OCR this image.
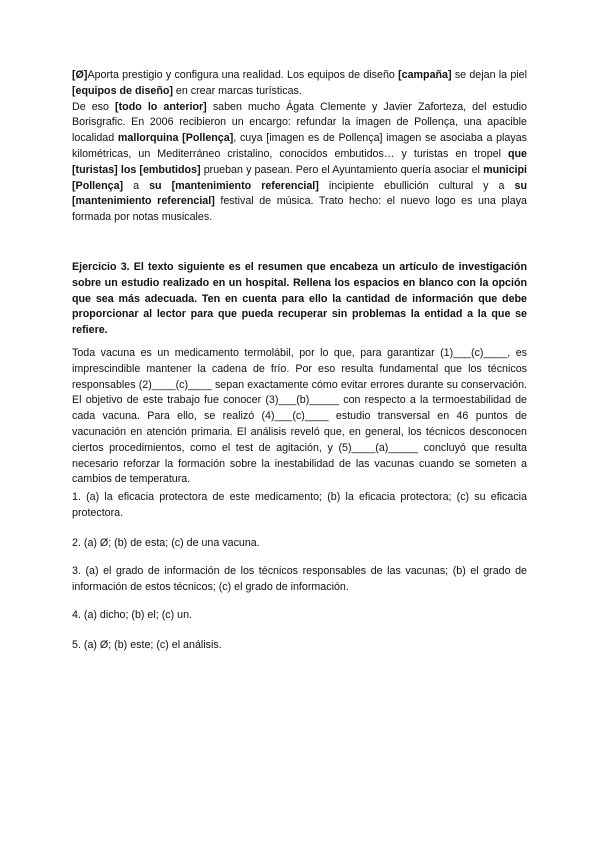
[Ø]Aporta prestigio y configura una realidad. Los equipos de diseño [campaña] se dejan la piel [equipos de diseño] en crear marcas turísticas.

De eso [todo lo anterior] saben mucho Ágata Clemente y Javier Zaforteza, del estudio Borisgrafic. En 2006 recibieron un encargo: refundar la imagen de Pollença, una apacible localidad mallorquina [Pollença], cuya [imagen es de Pollença] imagen se asociaba a playas kilométricas, un Mediterráneo cristalino, conocidos embutidos… y turistas en tropel que [turistas] los [embutidos] prueban y pasean. Pero el Ayuntamiento quería asociar el municipi [Pollença] a su [mantenimiento referencial] incipiente ebullición cultural y a su [mantenimiento referencial] festival de música. Trato hecho: el nuevo logo es una playa formada por notas musicales.

Ejercicio 3. El texto siguiente es el resumen que encabeza un artículo de investigación sobre un estudio realizado en un hospital. Rellena los espacios en blanco con la opción que sea más adecuada. Ten en cuenta para ello la cantidad de información que debe proporcionar al lector para que pueda recuperar sin problemas la entidad a la que se refiere.

Toda vacuna es un medicamento termolábil, por lo que, para garantizar (1)___(c)____, es imprescindible mantener la cadena de frío. Por eso resulta fundamental que los técnicos responsables (2)____(c)____ sepan exactamente cómo evitar errores durante su conservación. El objetivo de este trabajo fue conocer (3)___(b)_____ con respecto a la termoestabilidad de cada vacuna. Para ello, se realizó (4)___(c)____ estudio transversal en 46 puntos de vacunación en atención primaria. El análisis reveló que, en general, los técnicos desconocen ciertos procedimientos, como el test de agitación, y (5)____(a)_____ concluyó que resulta necesario reforzar la formación sobre la inestabilidad de las vacunas cuando se someten a cambios de temperatura.

1. (a) la eficacia protectora de este medicamento; (b) la eficacia protectora; (c) su eficacia protectora.

2. (a) Ø; (b) de esta; (c) de una vacuna.

3. (a) el grado de información de los técnicos responsables de las vacunas; (b) el grado de información de estos técnicos; (c) el grado de información.

4. (a) dicho; (b) el; (c) un.

5. (a) Ø; (b) este; (c) el análisis.
